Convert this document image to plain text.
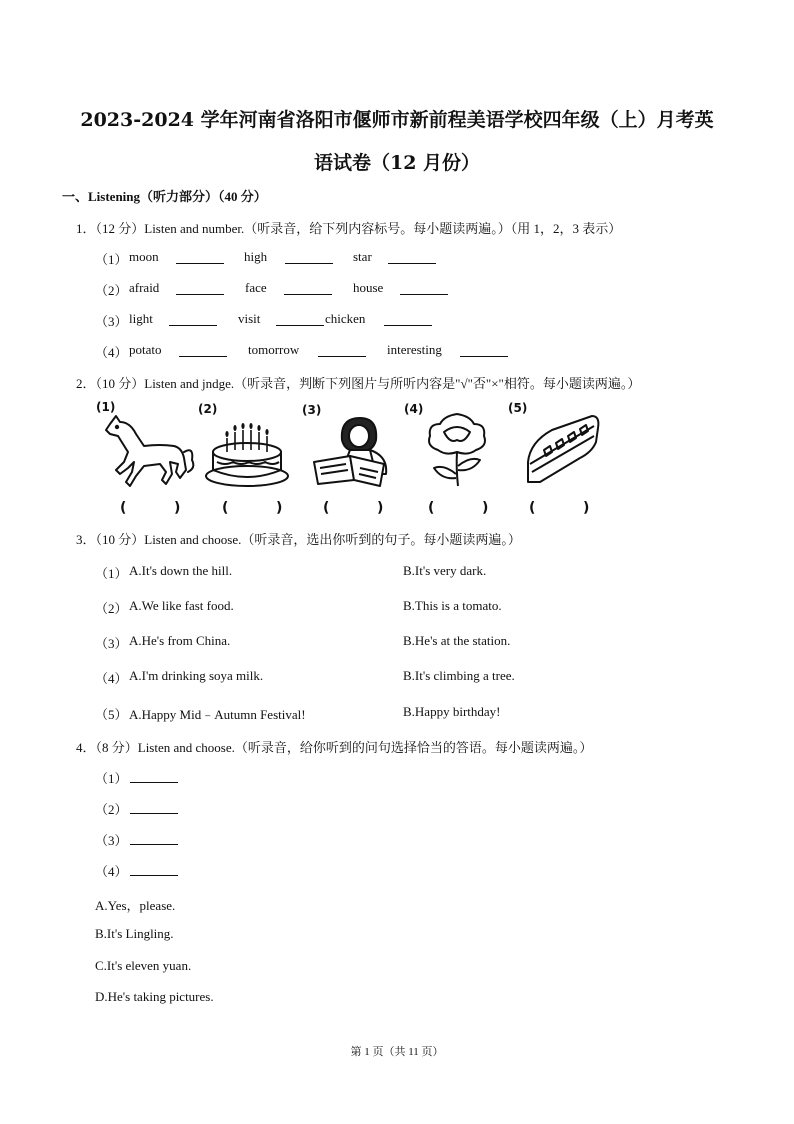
2023-2024 学年河南省洛阳市偃师市新前程美语学校四年级（上）月考英
语试卷（12 月份）
一、Listening（听力部分）（40 分）
1．（12 分）Listen and number.（听录音，给下列内容标号。每小题读两遍。）（用 1，2，3 表示）
（1） moon	high	star
（2） afraid	face	house
（3） light	visit	chicken
（4） potato	tomorrow	interesting
2．（10 分）Listen and jndge.（听录音，判断下列图片与所听内容是"√"否"×"相符。每小题读两遍。）
(1)	(2)	(3)	(4)	(5)
(	)	(	)	(	)	(	)	(	)
3．（10 分）Listen and choose.（听录音，选出你听到的句子。每小题读两遍。）
（1） A.It's down the hill.	B.It's very dark.
（2） A.We like fast food.	B.This is a tomato.
（3） A.He's from China.	B.He's at the station.
（4） A.I'm drinking soya milk.	B.It's climbing a tree.
（5） A.Happy Mid﹣Autumn Festival!	B.Happy birthday!
4．（8 分）Listen and choose.（听录音，给你听到的问句选择恰当的答语。每小题读两遍。）
（1）
（2）
（3）
（4）
A.Yes，please.
B.It's Lingling.
C.It's eleven yuan.
D.He's taking pictures.
第 1 页（共 11 页）
